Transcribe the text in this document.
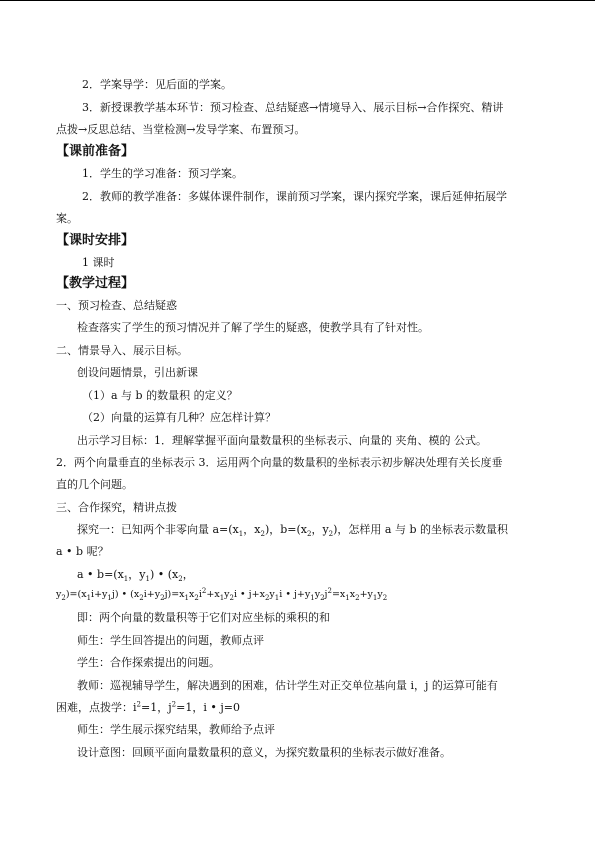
2．学案导学：见后面的学案。

3．新授课教学基本环节：预习检查、总结疑惑→情境导入、展示目标→合作探究、精讲

点拨→反思总结、当堂检测→发导学案、布置预习。

【课前准备】

1．学生的学习准备：预习学案。

2．教师的教学准备：多媒体课件制作，课前预习学案，课内探究学案，课后延伸拓展学

案。

【课时安排】

1 课时

【教学过程】

一、预习检查、总结疑惑

检查落实了学生的预习情况并了解了学生的疑惑，使教学具有了针对性。

二、情景导入、展示目标。

创设问题情景，引出新课

（1）a 与 b 的数量积 的定义？

（2）向量的运算有几种？应怎样计算？

出示学习目标：1．理解掌握平面向量数量积的坐标表示、向量的 夹角、模的 公式。

2．两个向量垂直的坐标表示 3．运用两个向量的数量积的坐标表示初步解决处理有关长度垂

直的几个问题。

三、合作探究，精讲点拨

探究一：已知两个非零向量 $a=(x_1$，$x_2$)，$b=(x_2$，$y_2$)，怎样用 a 与 b 的坐标表示数量积

a • b 呢？

a • $b=(x_1$，$y_1$) • ($x_2$，

$y_2)=(x_1i+y_1j)$ • $(x_2i+y_2j)=x_1x_2i^2+x_1y_2i$ • $j+x_2y_1i$ • $j+y_1y_2j^2=x_1x_2+y_1y_2$

即：两个向量的数量积等于它们对应坐标的乘积的和

师生：学生回答提出的问题，教师点评

学生：合作探索提出的问题。

教师：巡视辅导学生，解决遇到的困难，估计学生对正交单位基向量 i，j 的运算可能有

困难，点拨学：$i^2=1$，$j^2=1$，i • j=0

师生：学生展示探究结果，教师给予点评

设计意图：回顾平面向量数量积的意义，为探究数量积的坐标表示做好准备。
